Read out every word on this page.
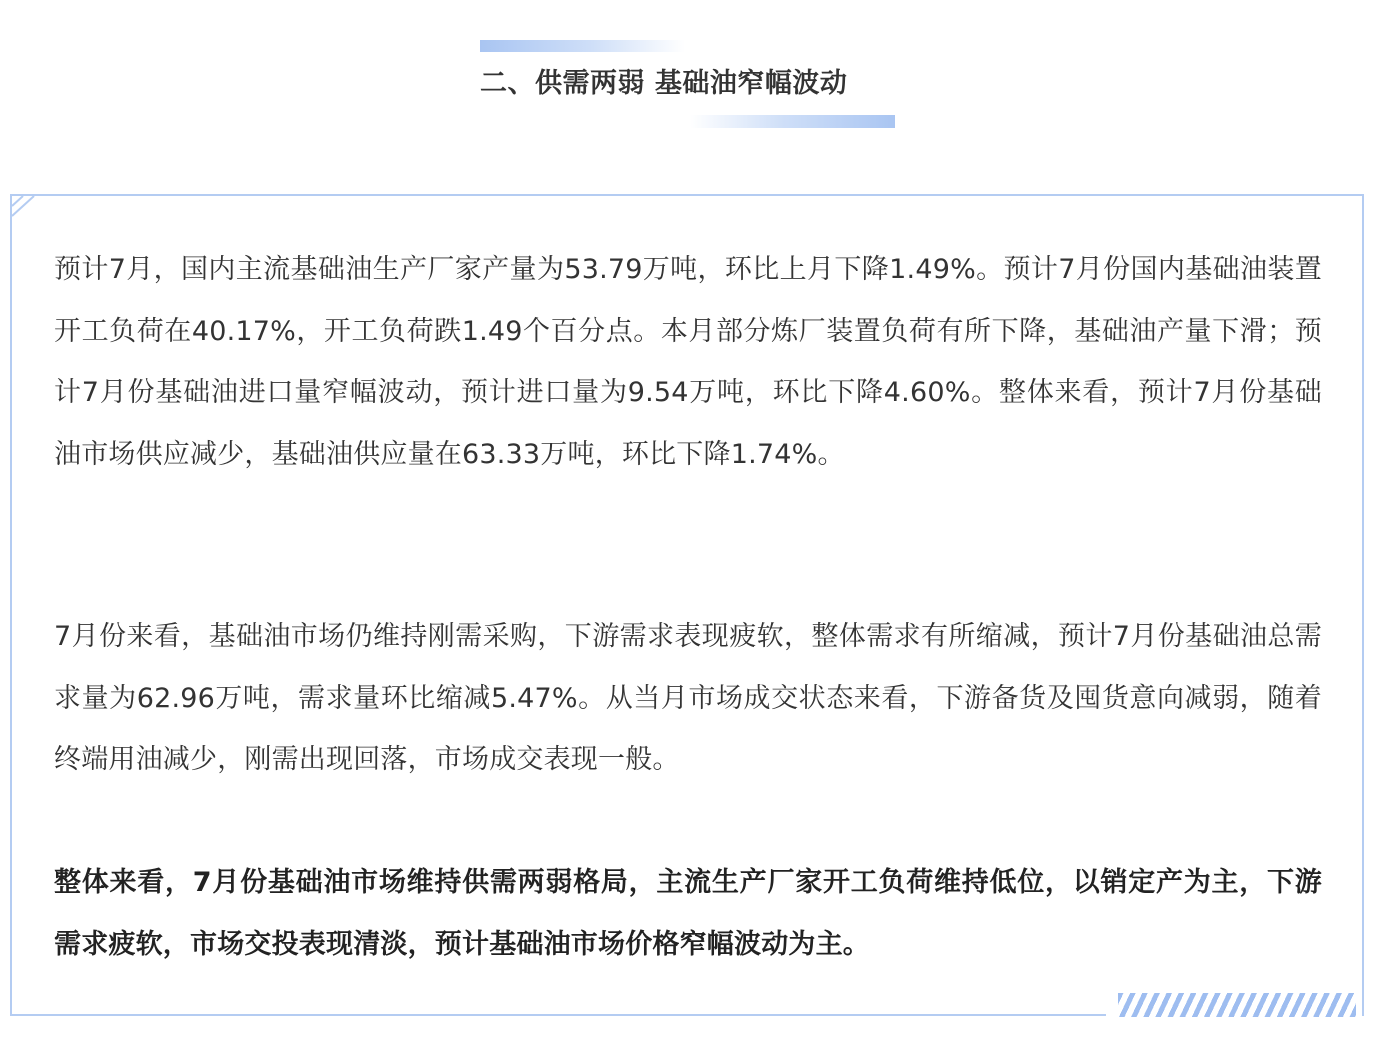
二、供需两弱 基础油窄幅波动

预计7月，国内主流基础油生产厂家产量为53.79万吨，环比上月下降1.49%。预计7月份国内基础油装置开工负荷在40.17%，开工负荷跌1.49个百分点。本月部分炼厂装置负荷有所下降，基础油产量下滑；预计7月份基础油进口量窄幅波动，预计进口量为9.54万吨，环比下降4.60%。整体来看，预计7月份基础油市场供应减少，基础油供应量在63.33万吨，环比下降1.74%。

7月份来看，基础油市场仍维持刚需采购，下游需求表现疲软，整体需求有所缩减，预计7月份基础油总需求量为62.96万吨，需求量环比缩减5.47%。从当月市场成交状态来看，下游备货及囤货意向减弱，随着终端用油减少，刚需出现回落，市场成交表现一般。

整体来看，7月份基础油市场维持供需两弱格局，主流生产厂家开工负荷维持低位，以销定产为主，下游需求疲软，市场交投表现清淡，预计基础油市场价格窄幅波动为主。
